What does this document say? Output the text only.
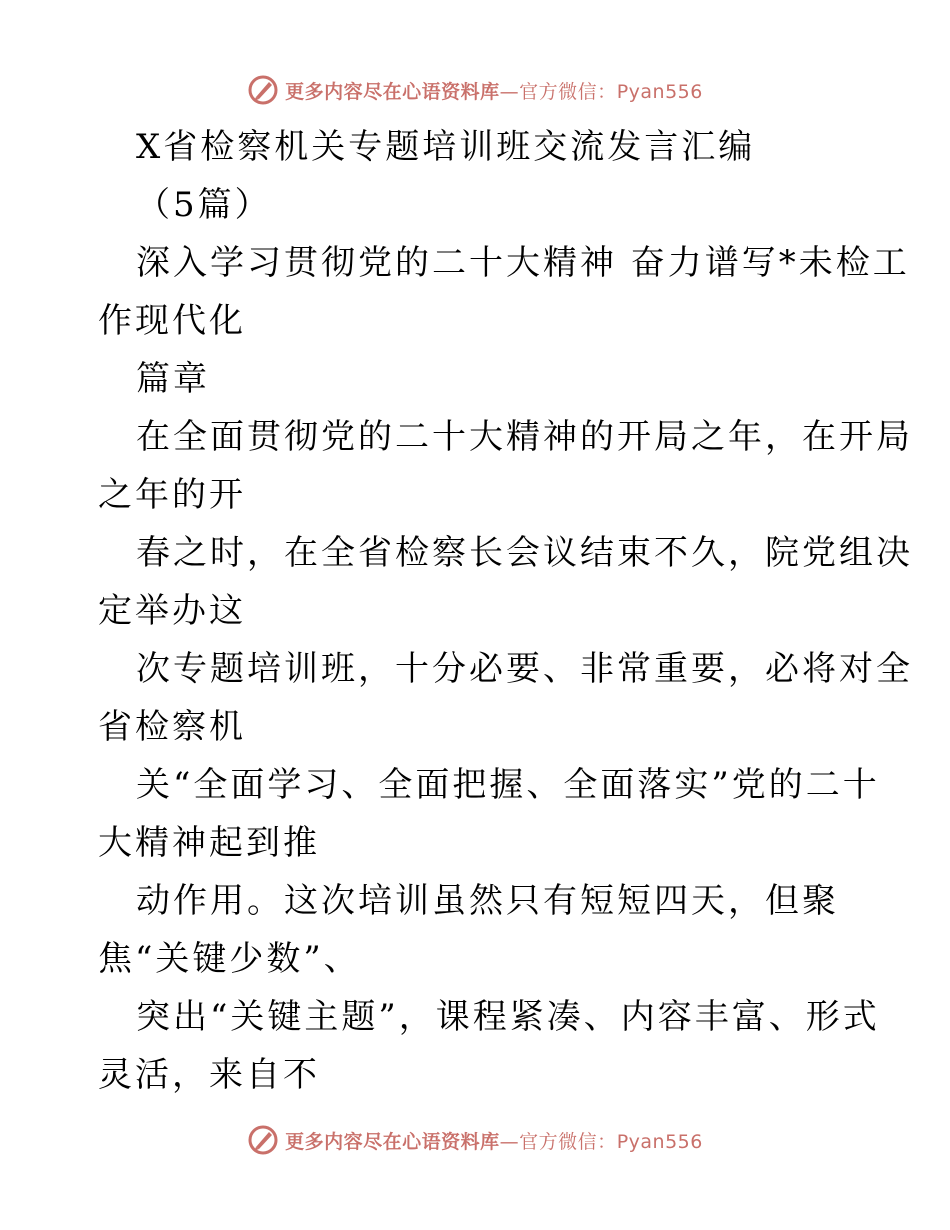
更多内容尽在心语资料库—官方微信：Pyan556
X省检察机关专题培训班交流发言汇编
（5篇）
深入学习贯彻党的二十大精神 奋力谱写*未检工
作现代化
篇章
在全面贯彻党的二十大精神的开局之年，在开局
之年的开
春之时，在全省检察长会议结束不久，院党组决
定举办这
次专题培训班，十分必要、非常重要，必将对全
省检察机
关“全面学习、全面把握、全面落实”党的二十
大精神起到推
动作用。这次培训虽然只有短短四天，但聚
焦“关键少数”、
突出“关键主题”，课程紧凑、内容丰富、形式
灵活，来自不
更多内容尽在心语资料库—官方微信：Pyan556
